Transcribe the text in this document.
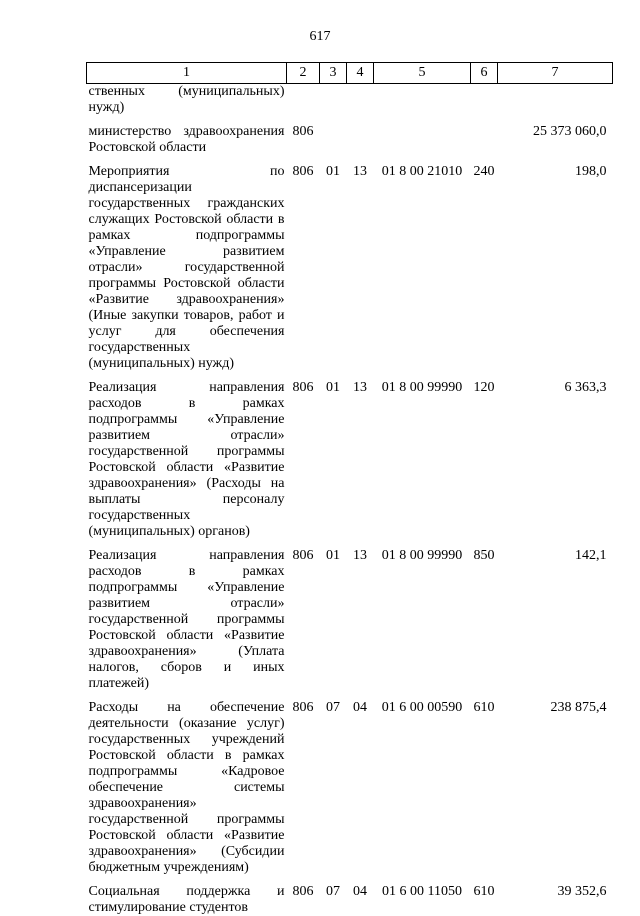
617
1	2	3	4	5	6	7
ственных (муниципальных) нужд)						
министерство здравоохранения Ростовской области	806					25 373 060,0
Мероприятия по диспансеризации государственных гражданских служащих Ростовской области в рамках подпрограммы «Управление развитием отрасли» государственной программы Ростовской области «Развитие здравоохранения» (Иные закупки товаров, работ и услуг для обеспечения государственных (муниципальных) нужд)	806	01	13	01 8 00 21010	240	198,0
Реализация направления расходов в рамках подпрограммы «Управление развитием отрасли» государственной программы Ростовской области «Развитие здравоохранения» (Расходы на выплаты персоналу государственных (муниципальных) органов)	806	01	13	01 8 00 99990	120	6 363,3
Реализация направления расходов в рамках подпрограммы «Управление развитием отрасли» государственной программы Ростовской области «Развитие здравоохранения» (Уплата налогов, сборов и иных платежей)	806	01	13	01 8 00 99990	850	142,1
Расходы на обеспечение деятельности (оказание услуг) государственных учреждений Ростовской области в рамках подпрограммы «Кадровое обеспечение системы здравоохранения» государственной программы Ростовской области «Развитие здравоохранения» (Субсидии бюджетным учреждениям)	806	07	04	01 6 00 00590	610	238 875,4
Социальная поддержка и стимулирование студентов	806	07	04	01 6 00 11050	610	39 352,6
